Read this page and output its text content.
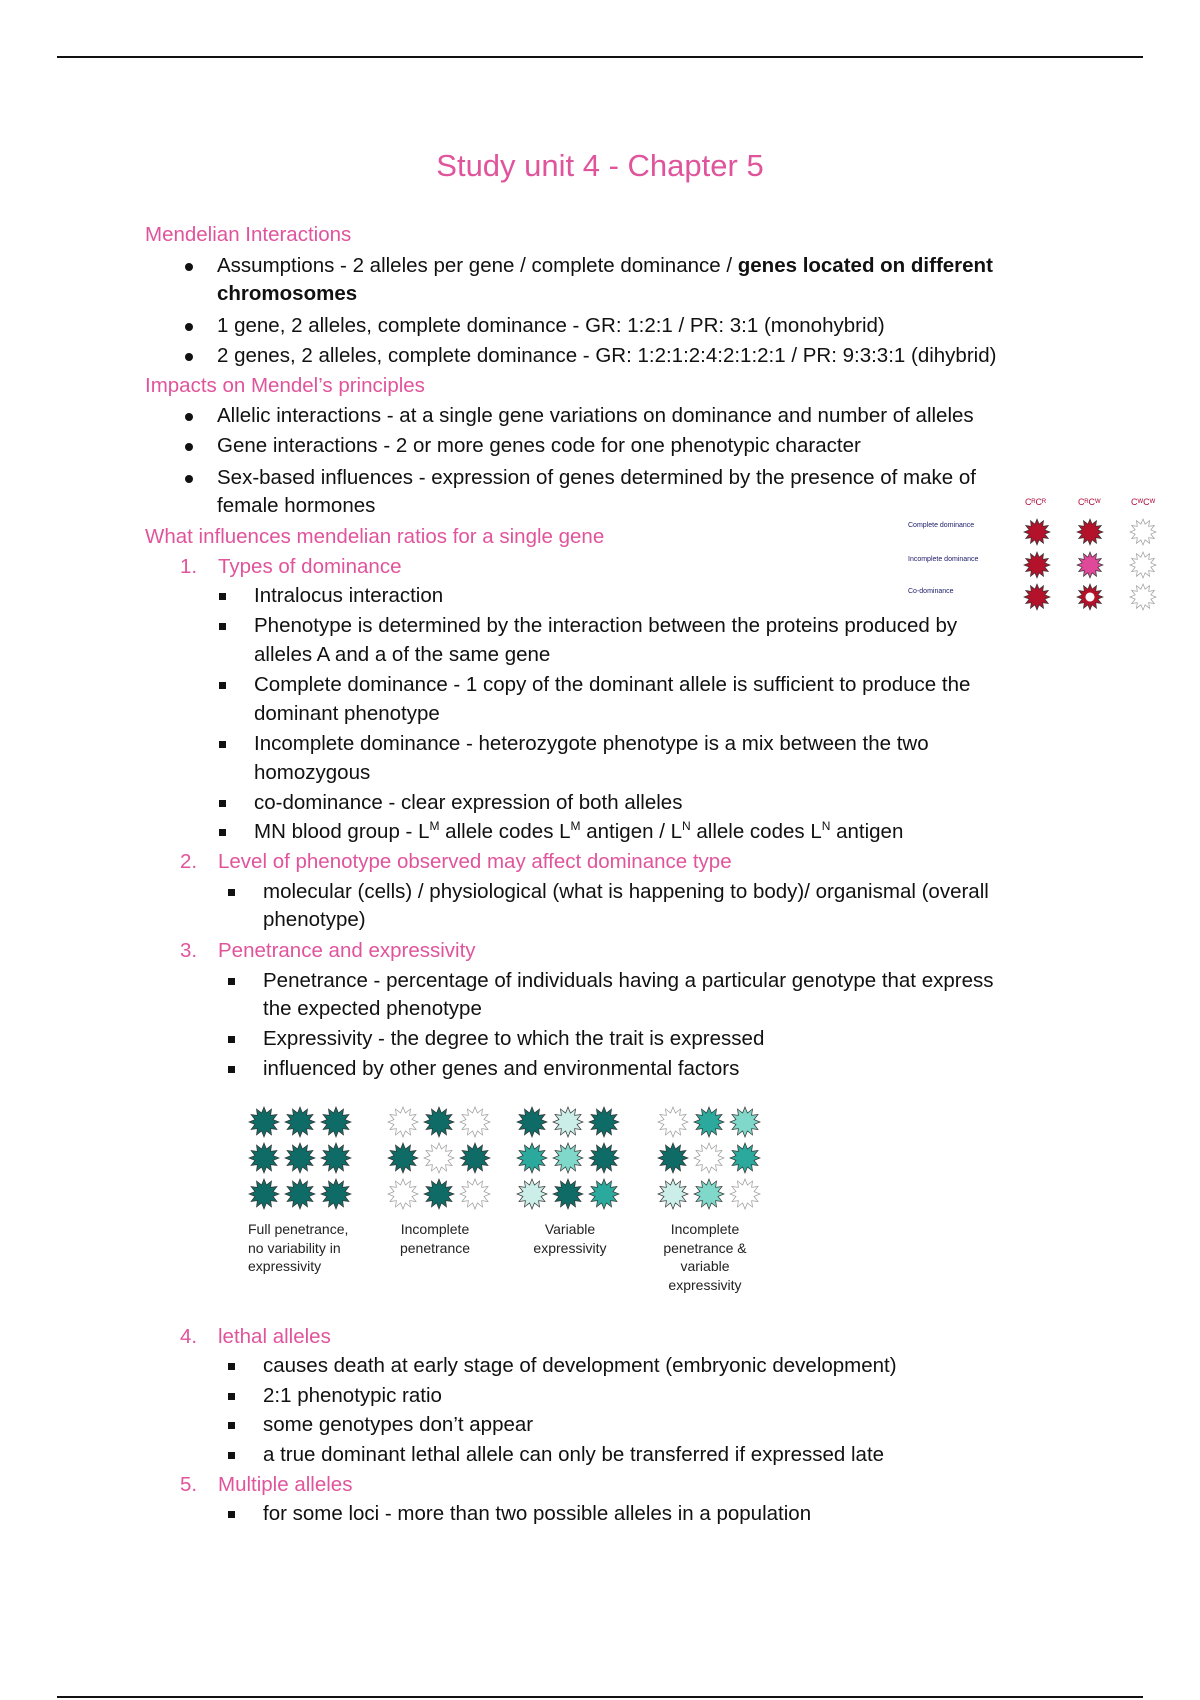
Study unit 4 - Chapter 5
Mendelian Interactions
Assumptions - 2 alleles per gene / complete dominance / genes located on different
chromosomes
1 gene, 2 alleles, complete dominance - GR: 1:2:1 / PR: 3:1 (monohybrid)
2 genes, 2 alleles, complete dominance - GR: 1:2:1:2:4:2:1:2:1 / PR: 9:3:3:1 (dihybrid)
Impacts on Mendel’s principles
Allelic interactions - at a single gene variations on dominance and number of alleles
Gene interactions - 2 or more genes code for one phenotypic character
Sex-based influences - expression of genes determined by the presence of make of
female hormones
What influences mendelian ratios for a single gene
1. Types of dominance
Intralocus interaction
Phenotype is determined by the interaction between the proteins produced by
alleles A and a of the same gene
Complete dominance - 1 copy of the dominant allele is sufficient to produce the
dominant phenotype
Incomplete dominance - heterozygote phenotype is a mix between the two
homozygous
co-dominance - clear expression of both alleles
MN blood group - $L^M$ allele codes $L^M$ antigen / $L^N$ allele codes $L^N$ antigen
2. Level of phenotype observed may affect dominance type
molecular (cells) / physiological (what is happening to body)/ organismal (overall
phenotype)
3. Penetrance and expressivity
Penetrance - percentage of individuals having a particular genotype that express
the expected phenotype
Expressivity - the degree to which the trait is expressed
influenced by other genes and environmental factors
Full penetrance,
no variability in
expressivity
Incomplete
penetrance
Variable
expressivity
Incomplete
penetrance &
variable
expressivity
4. lethal alleles
causes death at early stage of development (embryonic development)
2:1 phenotypic ratio
some genotypes don’t appear
a true dominant lethal allele can only be transferred if expressed late
5. Multiple alleles
for some loci - more than two possible alleles in a population
CᴿCᴿ	CᴿCᵂ	CᵂCᵂ
Complete dominance
Incomplete dominance
Co-dominance
